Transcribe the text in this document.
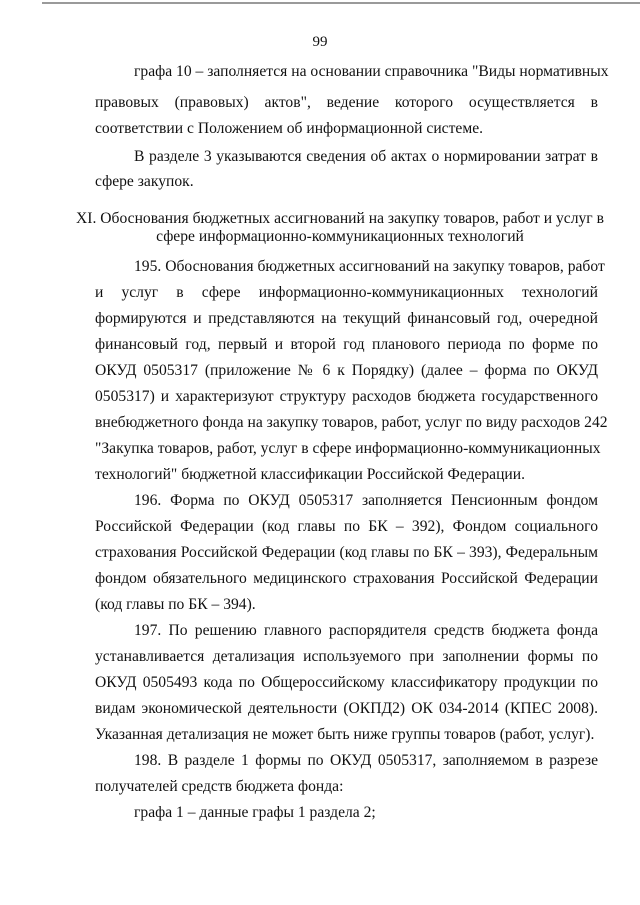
99
графа 10 – заполняется на основании справочника "Виды нормативных
правовых (правовых) актов", ведение которого осуществляется в
соответствии с Положением об информационной системе.
В разделе 3 указываются сведения об актах о нормировании затрат в
сфере закупок.
XI. Обоснования бюджетных ассигнований на закупку товаров, работ и услуг в
сфере информационно-коммуникационных технологий
195. Обоснования бюджетных ассигнований на закупку товаров, работ
и услуг в сфере информационно-коммуникационных технологий
формируются и представляются на текущий финансовый год, очередной
финансовый год, первый и второй год планового периода по форме по
ОКУД 0505317 (приложение № 6 к Порядку) (далее – форма по ОКУД
0505317) и характеризуют структуру расходов бюджета государственного
внебюджетного фонда на закупку товаров, работ, услуг по виду расходов 242
"Закупка товаров, работ, услуг в сфере информационно-коммуникационных
технологий" бюджетной классификации Российской Федерации.
196. Форма по ОКУД 0505317 заполняется Пенсионным фондом
Российской Федерации (код главы по БК – 392), Фондом социального
страхования Российской Федерации (код главы по БК – 393), Федеральным
фондом обязательного медицинского страхования Российской Федерации
(код главы по БК – 394).
197. По решению главного распорядителя средств бюджета фонда
устанавливается детализация используемого при заполнении формы по
ОКУД 0505493 кода по Общероссийскому классификатору продукции по
видам экономической деятельности (ОКПД2) ОК 034-2014 (КПЕС 2008).
Указанная детализация не может быть ниже группы товаров (работ, услуг).
198. В разделе 1 формы по ОКУД 0505317, заполняемом в разрезе
получателей средств бюджета фонда:
графа 1 – данные графы 1 раздела 2;
